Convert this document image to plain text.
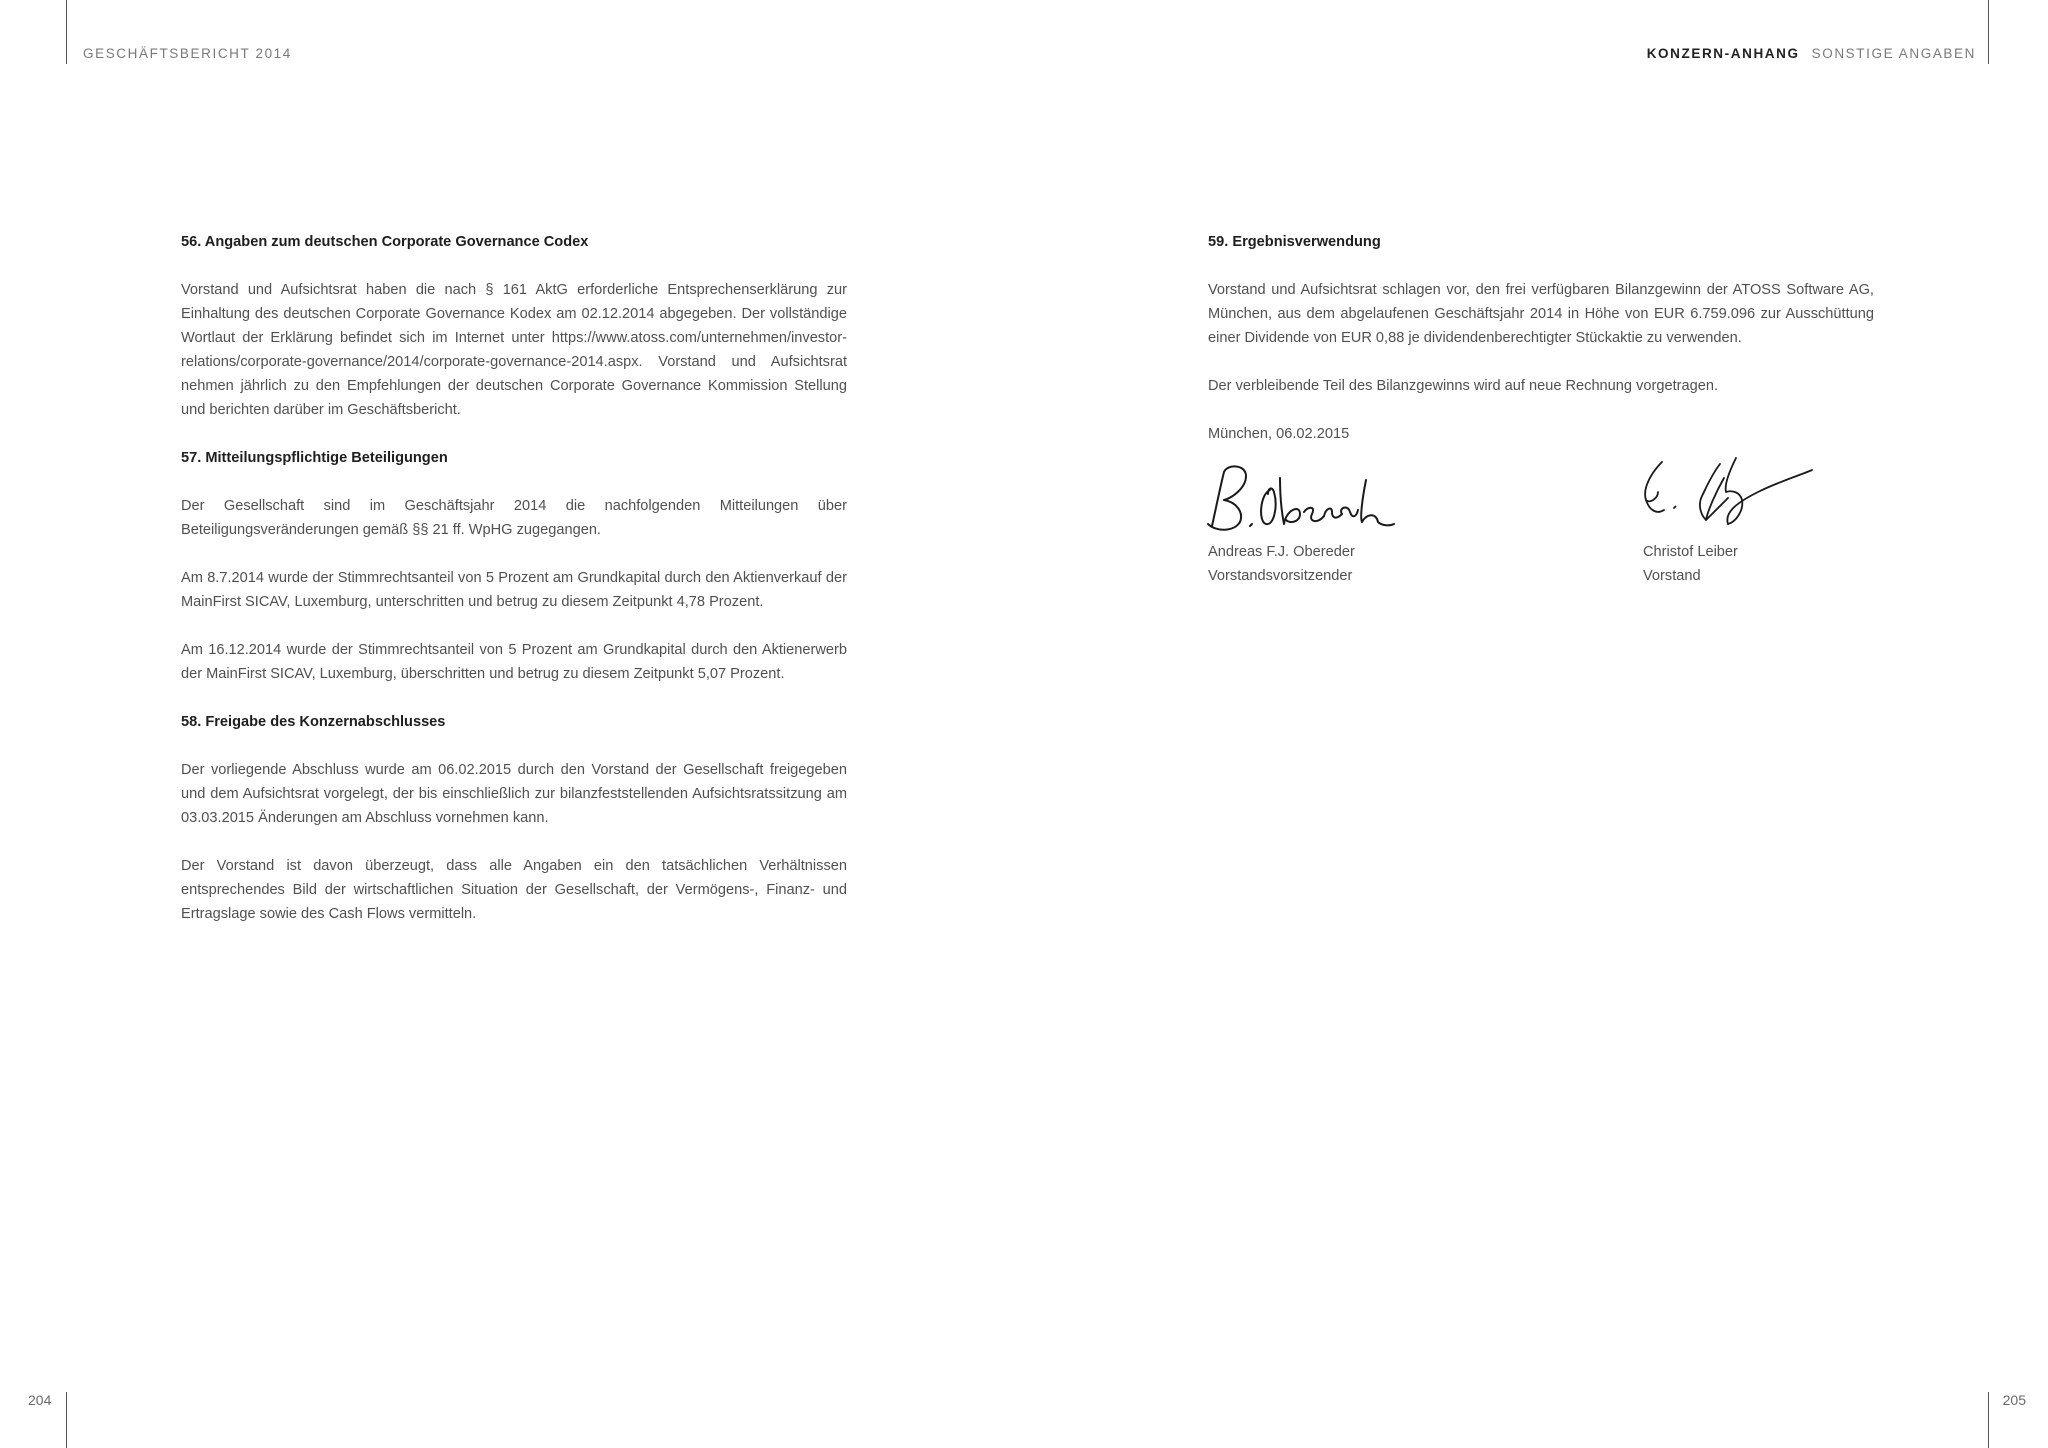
GESCHÄFTSBERICHT 2014	KONZERN-ANHANG SONSTIGE ANGABEN
56. Angaben zum deutschen Corporate Governance Codex

Vorstand und Aufsichtsrat haben die nach § 161 AktG erforderliche Entsprechenserklärung zur Einhaltung des deutschen Corporate Governance Kodex am 02.12.2014 abgegeben. Der vollständige Wortlaut der Erklärung befindet sich im Internet unter https://www.atoss.com/unternehmen/investor-relations/corporate-governance/2014/corporate-governance-2014.aspx. Vorstand und Aufsichtsrat nehmen jährlich zu den Empfehlungen der deutschen Corporate Governance Kommission Stellung und berichten darüber im Geschäftsbericht.

57. Mitteilungspflichtige Beteiligungen

Der Gesellschaft sind im Geschäftsjahr 2014 die nachfolgenden Mitteilungen über Beteiligungsveränderungen gemäß §§ 21 ff. WpHG zugegangen.

Am 8.7.2014 wurde der Stimmrechtsanteil von 5 Prozent am Grundkapital durch den Aktienverkauf der MainFirst SICAV, Luxemburg, unterschritten und betrug zu diesem Zeitpunkt 4,78 Prozent.

Am 16.12.2014 wurde der Stimmrechtsanteil von 5 Prozent am Grundkapital durch den Aktienerwerb der MainFirst SICAV, Luxemburg, überschritten und betrug zu diesem Zeitpunkt 5,07 Prozent.

58. Freigabe des Konzernabschlusses

Der vorliegende Abschluss wurde am 06.02.2015 durch den Vorstand der Gesellschaft freigegeben und dem Aufsichtsrat vorgelegt, der bis einschließlich zur bilanzfeststellenden Aufsichtsratssitzung am 03.03.2015 Änderungen am Abschluss vornehmen kann.

Der Vorstand ist davon überzeugt, dass alle Angaben ein den tatsächlichen Verhältnissen entsprechendes Bild der wirtschaftlichen Situation der Gesellschaft, der Vermögens-, Finanz- und Ertragslage sowie des Cash Flows vermitteln.

59. Ergebnisverwendung

Vorstand und Aufsichtsrat schlagen vor, den frei verfügbaren Bilanzgewinn der ATOSS Software AG, München, aus dem abgelaufenen Geschäftsjahr 2014 in Höhe von EUR 6.759.096 zur Ausschüttung einer Dividende von EUR 0,88 je dividendenberechtigter Stückaktie zu verwenden.

Der verbleibende Teil des Bilanzgewinns wird auf neue Rechnung vorgetragen.

München, 06.02.2015

Andreas F.J. Obereder
Vorstandsvorsitzender
Christof Leiber
Vorstand
204	205
